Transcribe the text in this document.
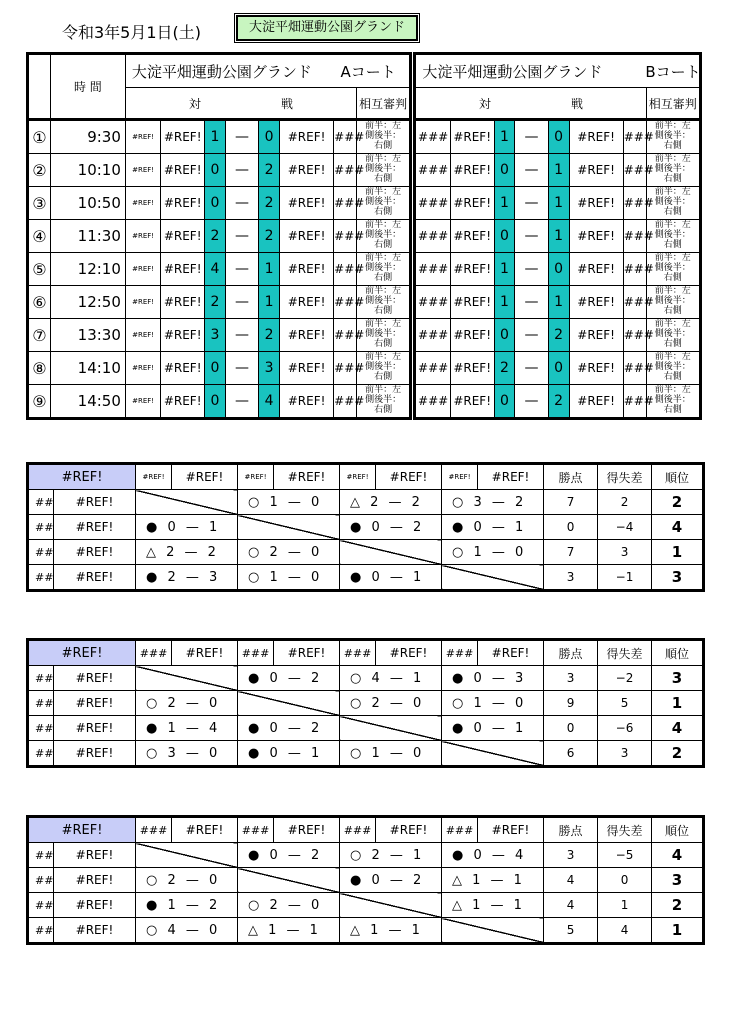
令和3年5月1日(土)	大淀平畑運動公園グランド
	時 間	大淀平畑運動公園グランド Aコート									大淀平畑運動公園グランド Bコート							
		対 戦							相互審判		対 戦							相互審判
①	9:30	#REF!	#REF!	1	—	0	#REF!	###	前半：左
側後半：
右側		###	#REF!	1	—	0	#REF!	###	前半：左
側後半：
右側

②	10:10	#REF!	#REF!	0	—	2	#REF!	###	前半：左
側後半：
右側		###	#REF!	0	—	1	#REF!	###	前半：左
側後半：
右側

③	10:50	#REF!	#REF!	0	—	2	#REF!	###	前半：左
側後半：
右側		###	#REF!	1	—	1	#REF!	###	前半：左
側後半：
右側

④	11:30	#REF!	#REF!	2	—	2	#REF!	###	前半：左
側後半：
右側		###	#REF!	0	—	1	#REF!	###	前半：左
側後半：
右側

⑤	12:10	#REF!	#REF!	4	—	1	#REF!	###	前半：左
側後半：
右側		###	#REF!	1	—	0	#REF!	###	前半：左
側後半：
右側

⑥	12:50	#REF!	#REF!	2	—	1	#REF!	###	前半：左
側後半：
右側		###	#REF!	1	—	1	#REF!	###	前半：左
側後半：
右側

⑦	13:30	#REF!	#REF!	3	—	2	#REF!	###	前半：左
側後半：
右側		###	#REF!	0	—	2	#REF!	###	前半：左
側後半：
右側

⑧	14:10	#REF!	#REF!	0	—	3	#REF!	###	前半：左
側後半：
右側		###	#REF!	2	—	0	#REF!	###	前半：左
側後半：
右側

⑨	14:50	#REF!	#REF!	0	—	4	#REF!	###	前半：左
側後半：
右側		###	#REF!	0	—	2	#REF!	###	前半：左
側後半：
右側
#REF!		#REF!	#REF!	#REF!	#REF!	#REF!	#REF!	#REF!	#REF!	勝点	得失差	順位
##	#REF!			○ 1 — 0		△ 2 — 2		○ 3 — 2		7	2	2
##	#REF!	● 0 — 1				● 0 — 2		● 0 — 1		0	−4	4
##	#REF!	△ 2 — 2		○ 2 — 0				○ 1 — 0		7	3	1
##	#REF!	● 2 — 3		○ 1 — 0		● 0 — 1				3	−1	3
#REF!		###	#REF!	###	#REF!	###	#REF!	###	#REF!	勝点	得失差	順位
##	#REF!			● 0 — 2		○ 4 — 1		● 0 — 3		3	−2	3
##	#REF!	○ 2 — 0				○ 2 — 0		○ 1 — 0		9	5	1
##	#REF!	● 1 — 4		● 0 — 2				● 0 — 1		0	−6	4
##	#REF!	○ 3 — 0		● 0 — 1		○ 1 — 0				6	3	2
#REF!		###	#REF!	###	#REF!	###	#REF!	###	#REF!	勝点	得失差	順位
##	#REF!			● 0 — 2		○ 2 — 1		● 0 — 4		3	−5	4
##	#REF!	○ 2 — 0				● 0 — 2		△ 1 — 1		4	0	3
##	#REF!	● 1 — 2		○ 2 — 0				△ 1 — 1		4	1	2
##	#REF!	○ 4 — 0		△ 1 — 1		△ 1 — 1				5	4	1
